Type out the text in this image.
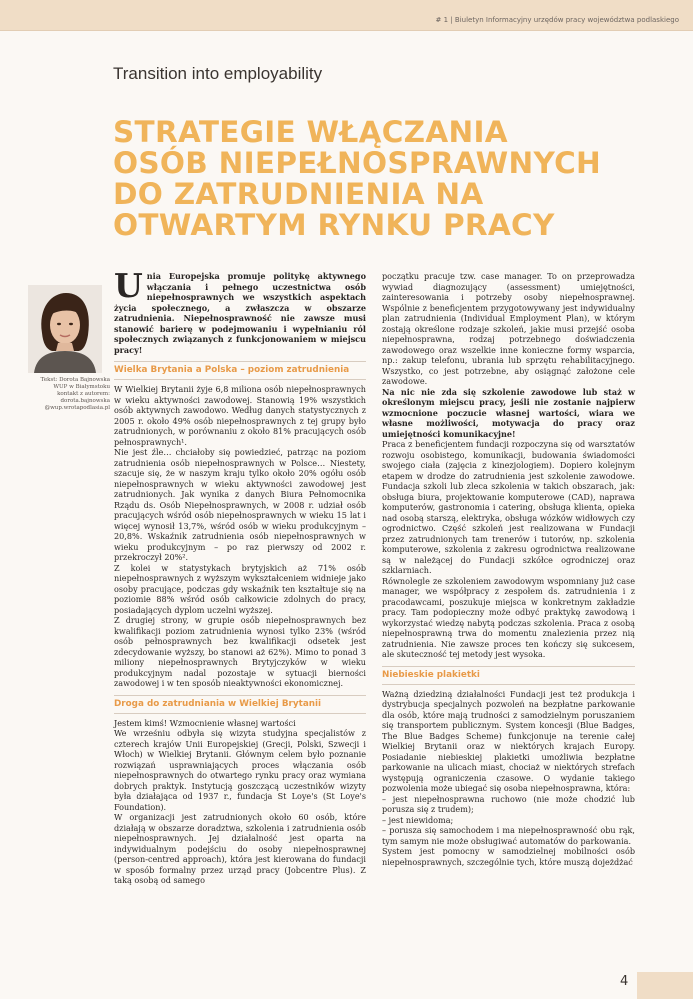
# 1 | Biuletyn Informacyjny urzędów pracy województwa podlaskiego
Transition into employability
STRATEGIE WŁĄCZANIA
OSÓB NIEPEŁNOSPRAWNYCH
DO ZATRUDNIENIA NA
OTWARTYM RYNKU PRACY
Tekst: Dorota Bajnowska
WUP w Białymstoku
kontakt z autorem:
dorota.bajnowska
@wup.wrotapodlasia.pl

Unia Europejska promuje politykę aktywnego włączania i pełnego uczestnictwa osób niepełnosprawnych we wszystkich aspektach życia społecznego, a zwłaszcza w obszarze zatrudnienia. Niepełnosprawność nie zawsze musi stanowić barierę w podejmowaniu i wypełnianiu ról społecznych związanych z funkcjonowaniem w miejscu pracy!

Wielka Brytania a Polska – poziom zatrudnienia

W Wielkiej Brytanii żyje 6,8 miliona osób niepełnosprawnych w wieku aktywności zawodowej. Stanowią 19% wszystkich osób aktywnych zawodowo. Według danych statystycznych z 2005 r. około 49% osób niepełnosprawnych z tej grupy było zatrudnionych, w porównaniu z około 81% pracujących osób pełnosprawnych¹.

Nie jest źle… chciałoby się powiedzieć, patrząc na poziom zatrudnienia osób niepełnosprawnych w Polsce… Niestety, szacuje się, że w naszym kraju tylko około 20% ogółu osób niepełnosprawnych w wieku aktywności zawodowej jest zatrudnionych. Jak wynika z danych Biura Pełnomocnika Rządu ds. Osób Niepełnosprawnych, w 2008 r. udział osób pracujących wśród osób niepełnosprawnych w wieku 15 lat i więcej wynosił 13,7%, wśród osób w wieku produkcyjnym – 20,8%. Wskaźnik zatrudnienia osób niepełnosprawnych w wieku produkcyjnym – po raz pierwszy od 2002 r. przekroczył 20%².

Z kolei w statystykach brytyjskich aż 71% osób niepełnosprawnych z wyższym wykształceniem widnieje jako osoby pracujące, podczas gdy wskaźnik ten kształtuje się na poziomie 88% wśród osób całkowicie zdolnych do pracy, posiadających dyplom uczelni wyższej.

Z drugiej strony, w grupie osób niepełnosprawnych bez kwalifikacji poziom zatrudnienia wynosi tylko 23% (wśród osób pełnosprawnych bez kwalifikacji odsetek jest zdecydowanie wyższy, bo stanowi aż 62%). Mimo to ponad 3 miliony niepełnosprawnych Brytyjczyków w wieku produkcyjnym nadal pozostaje w sytuacji bierności zawodowej i w ten sposób nieaktywności ekonomicznej.

Droga do zatrudniania w Wielkiej Brytanii

Jestem kimś! Wzmocnienie własnej wartości

We wrześniu odbyła się wizyta studyjna specjalistów z czterech krajów Unii Europejskiej (Grecji, Polski, Szwecji i Włoch) w Wielkiej Brytanii. Głównym celem było poznanie rozwiązań usprawniających proces włączania osób niepełnosprawnych do otwartego rynku pracy oraz wymiana dobrych praktyk. Instytucją goszczącą uczestników wizyty była działająca od 1937 r., fundacja St Loye's (St Loye's Foundation).

W organizacji jest zatrudnionych około 60 osób, które działają w obszarze doradztwa, szkolenia i zatrudnienia osób niepełnosprawnych. Jej działalność jest oparta na indywidualnym podejściu do osoby niepełnosprawnej (person-centred approach), która jest kierowana do fundacji w sposób formalny przez urząd pracy (Jobcentre Plus). Z taką osobą od samego

początku pracuje tzw. case manager. To on przeprowadza wywiad diagnozujący (assessment) umiejętności, zainteresowania i potrzeby osoby niepełnosprawnej. Wspólnie z beneficjentem przygotowywany jest indywidualny plan zatrudnienia (Individual Employment Plan), w którym zostają określone rodzaje szkoleń, jakie musi przejść osoba niepełnosprawna, rodzaj potrzebnego doświadczenia zawodowego oraz wszelkie inne konieczne formy wsparcia, np.: zakup telefonu, ubrania lub sprzętu rehabilitacyjnego. Wszystko, co jest potrzebne, aby osiągnąć założone cele zawodowe.

Na nic nie zda się szkolenie zawodowe lub staż w określonym miejscu pracy, jeśli nie zostanie najpierw wzmocnione poczucie własnej wartości, wiara we własne możliwości, motywacja do pracy oraz umiejętności komunikacyjne!

Praca z beneficjentem fundacji rozpoczyna się od warsztatów rozwoju osobistego, komunikacji, budowania świadomości swojego ciała (zajęcia z kinezjologiem). Dopiero kolejnym etapem w drodze do zatrudnienia jest szkolenie zawodowe. Fundacja szkoli lub zleca szkolenia w takich obszarach, jak: obsługa biura, projektowanie komputerowe (CAD), naprawa komputerów, gastronomia i catering, obsługa klienta, opieka nad osobą starszą, elektryka, obsługa wózków widłowych czy ogrodnictwo. Część szkoleń jest realizowana w Fundacji przez zatrudnionych tam trenerów i tutorów, np. szkolenia komputerowe, szkolenia z zakresu ogrodnictwa realizowane są w należącej do Fundacji szkółce ogrodniczej oraz szklarniach.

Równolegle ze szkoleniem zawodowym wspomniany już case manager, we współpracy z zespołem ds. zatrudnienia i z pracodawcami, poszukuje miejsca w konkretnym zakładzie pracy. Tam podopieczny może odbyć praktykę zawodową i wykorzystać wiedzę nabytą podczas szkolenia. Praca z osobą niepełnosprawną trwa do momentu znalezienia przez nią zatrudnienia. Nie zawsze proces ten kończy się sukcesem, ale skuteczność tej metody jest wysoka.

Niebieskie plakietki

Ważną dziedziną działalności Fundacji jest też produkcja i dystrybucja specjalnych pozwoleń na bezpłatne parkowanie dla osób, które mają trudności z samodzielnym poruszaniem się transportem publicznym. System koncesji (Blue Badges, The Blue Badges Scheme) funkcjonuje na terenie całej Wielkiej Brytanii oraz w niektórych krajach Europy. Posiadanie niebieskiej plakietki umożliwia bezpłatne parkowanie na ulicach miast, chociaż w niektórych strefach występują ograniczenia czasowe. O wydanie takiego pozwolenia może ubiegać się osoba niepełnosprawna, która:

– jest niepełnosprawna ruchowo (nie może chodzić lub porusza się z trudem);

– jest niewidoma;

– porusza się samochodem i ma niepełnosprawność obu rąk, tym samym nie może obsługiwać automatów do parkowania.

System jest pomocny w samodzielnej mobilności osób niepełnosprawnych, szczególnie tych, które muszą dojeżdżać

4
